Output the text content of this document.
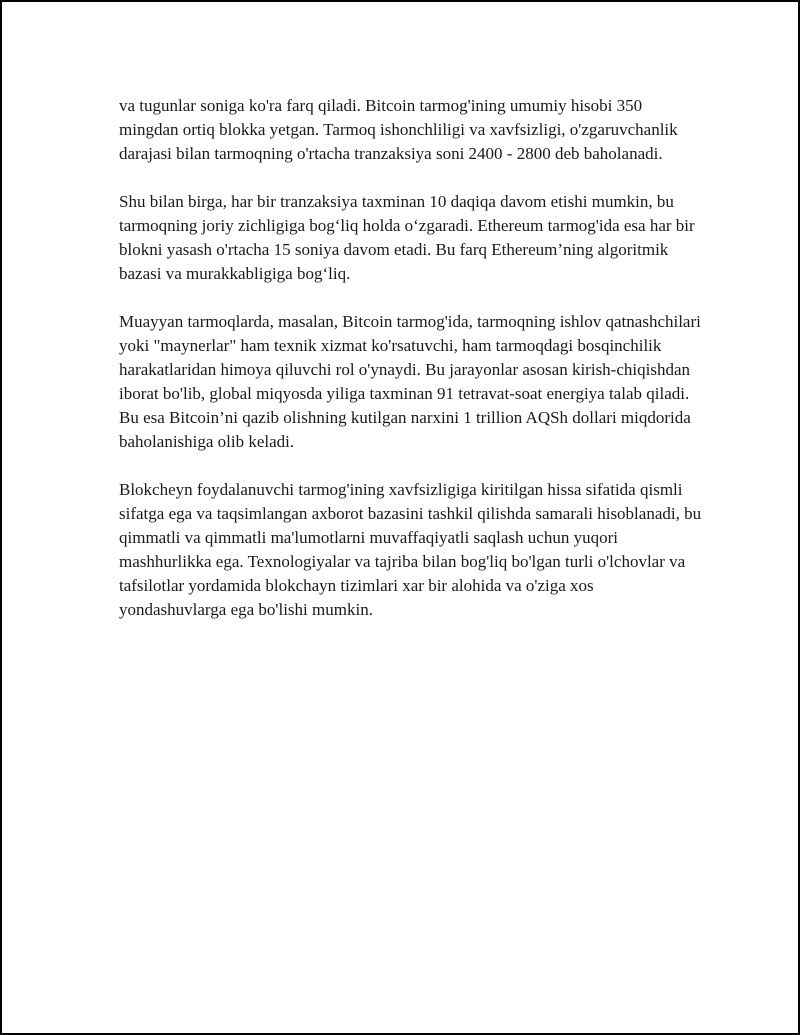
va tugunlar soniga ko'ra farq qiladi. Bitcoin tarmog'ining umumiy hisobi 350 mingdan ortiq blokka yetgan. Tarmoq ishonchliligi va xavfsizligi, o'zgaruvchanlik darajasi bilan tarmoqning o'rtacha tranzaksiya soni 2400 - 2800 deb baholanadi.

Shu bilan birga, har bir tranzaksiya taxminan 10 daqiqa davom etishi mumkin, bu tarmoqning joriy zichligiga bog‘liq holda o‘zgaradi. Ethereum tarmog'ida esa har bir blokni yasash o'rtacha 15 soniya davom etadi. Bu farq Ethereum’ning algoritmik bazasi va murakkabligiga bog‘liq.

Muayyan tarmoqlarda, masalan, Bitcoin tarmog'ida, tarmoqning ishlov qatnashchilari yoki "maynerlar" ham texnik xizmat ko'rsatuvchi, ham tarmoqdagi bosqinchilik harakatlaridan himoya qiluvchi rol o'ynaydi. Bu jarayonlar asosan kirish-chiqishdan iborat bo'lib, global miqyosda yiliga taxminan 91 tetravat-soat energiya talab qiladi. Bu esa Bitcoin’ni qazib olishning kutilgan narxini 1 trillion AQSh dollari miqdorida baholanishiga olib keladi.

Blokcheyn foydalanuvchi tarmog'ining xavfsizligiga kiritilgan hissa sifatida qismli sifatga ega va taqsimlangan axborot bazasini tashkil qilishda samarali hisoblanadi, bu qimmatli va qimmatli ma'lumotlarni muvaffaqiyatli saqlash uchun yuqori mashhurlikka ega. Texnologiyalar va tajriba bilan bog'liq bo'lgan turli o'lchovlar va tafsilotlar yordamida blokchayn tizimlari xar bir alohida va o'ziga xos yondashuvlarga ega bo'lishi mumkin.
